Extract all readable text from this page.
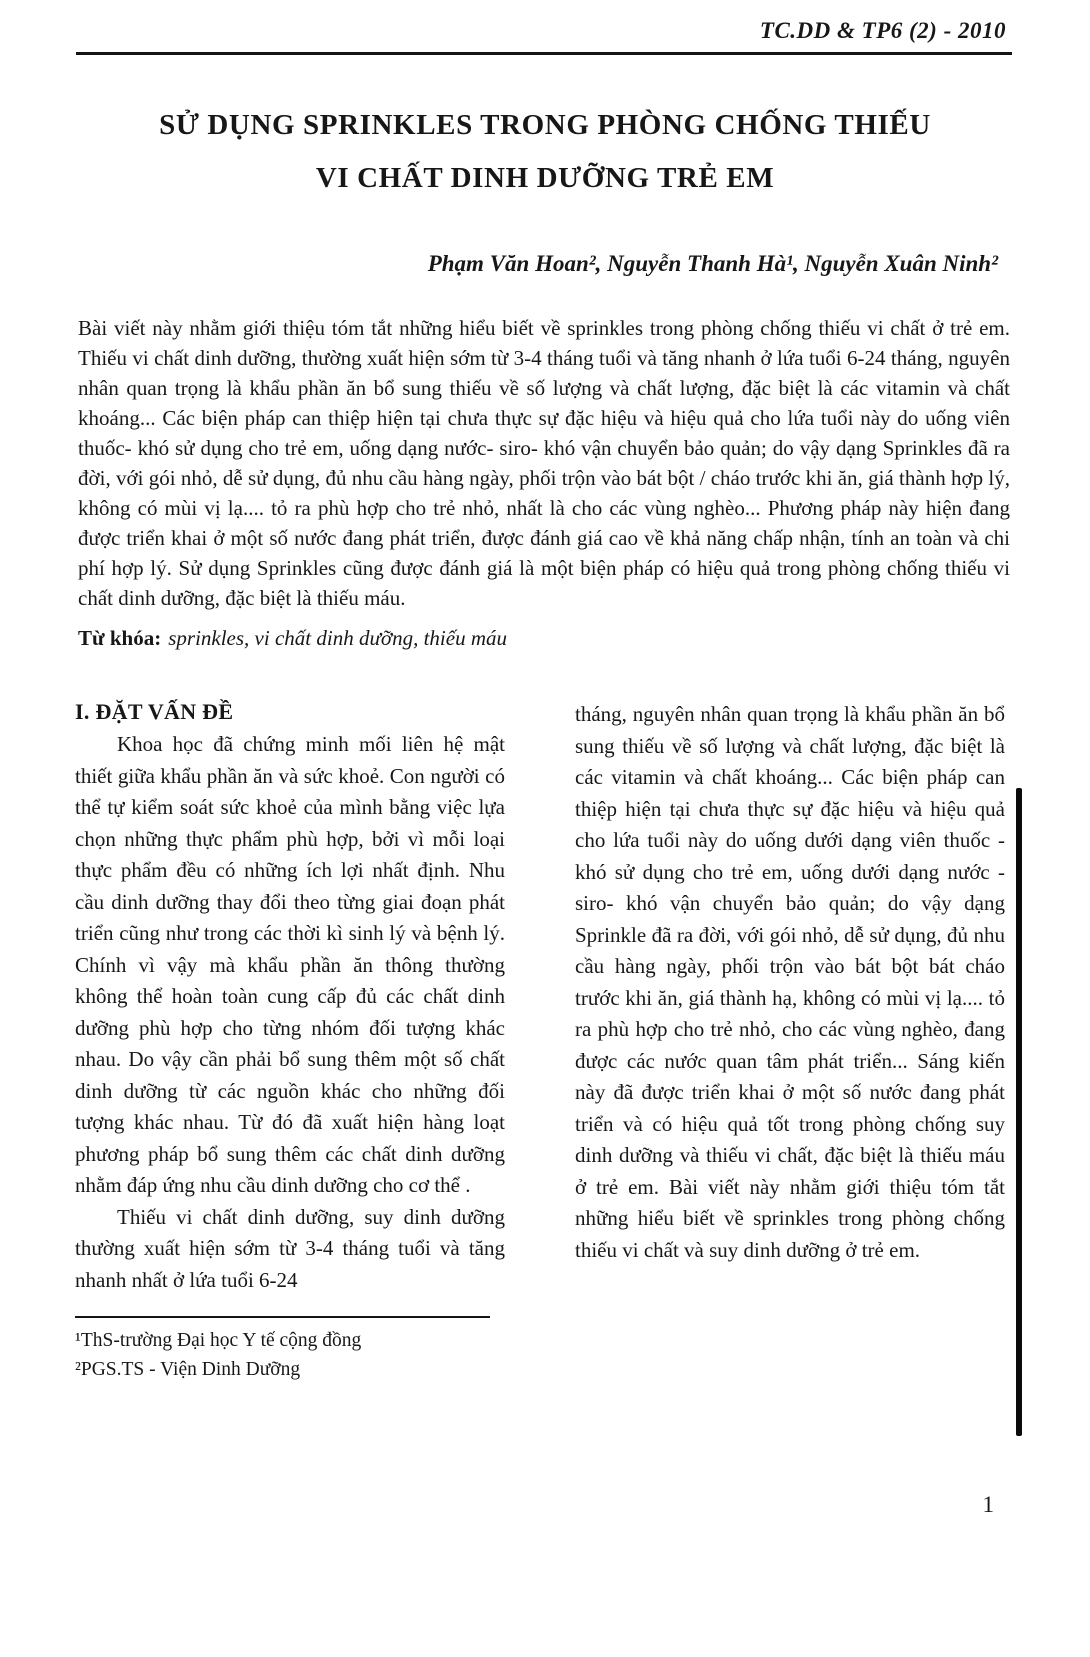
TC.DD & TP6 (2) - 2010
SỬ DỤNG SPRINKLES TRONG PHÒNG CHỐNG THIẾU
VI CHẤT DINH DƯỠNG TRẺ EM
Phạm Văn Hoan², Nguyễn Thanh Hà¹, Nguyễn Xuân Ninh²

Bài viết này nhằm giới thiệu tóm tắt những hiểu biết về sprinkles trong phòng chống thiếu vi chất ở trẻ em. Thiếu vi chất dinh dưỡng, thường xuất hiện sớm từ 3-4 tháng tuổi và tăng nhanh ở lứa tuổi 6-24 tháng, nguyên nhân quan trọng là khẩu phần ăn bổ sung thiếu về số lượng và chất lượng, đặc biệt là các vitamin và chất khoáng... Các biện pháp can thiệp hiện tại chưa thực sự đặc hiệu và hiệu quả cho lứa tuổi này do uống viên thuốc- khó sử dụng cho trẻ em, uống dạng nước- siro- khó vận chuyển bảo quản; do vậy dạng Sprinkles đã ra đời, với gói nhỏ, dễ sử dụng, đủ nhu cầu hàng ngày, phối trộn vào bát bột / cháo trước khi ăn, giá thành hợp lý, không có mùi vị lạ.... tỏ ra phù hợp cho trẻ nhỏ, nhất là cho các vùng nghèo... Phương pháp này hiện đang được triển khai ở một số nước đang phát triển, được đánh giá cao về khả năng chấp nhận, tính an toàn và chi phí hợp lý. Sử dụng Sprinkles cũng được đánh giá là một biện pháp có hiệu quả trong phòng chống thiếu vi chất dinh dưỡng, đặc biệt là thiếu máu.

Từ khóa: sprinkles, vi chất dinh dưỡng, thiếu máu

I. ĐẶT VẤN ĐỀ

Khoa học đã chứng minh mối liên hệ mật thiết giữa khẩu phần ăn và sức khoẻ. Con người có thể tự kiểm soát sức khoẻ của mình bằng việc lựa chọn những thực phẩm phù hợp, bởi vì mỗi loại thực phẩm đều có những ích lợi nhất định. Nhu cầu dinh dưỡng thay đổi theo từng giai đoạn phát triển cũng như trong các thời kì sinh lý và bệnh lý. Chính vì vậy mà khẩu phần ăn thông thường không thể hoàn toàn cung cấp đủ các chất dinh dưỡng phù hợp cho từng nhóm đối tượng khác nhau. Do vậy cần phải bổ sung thêm một số chất dinh dưỡng từ các nguồn khác cho những đối tượng khác nhau. Từ đó đã xuất hiện hàng loạt phương pháp bổ sung thêm các chất dinh dưỡng nhằm đáp ứng nhu cầu dinh dưỡng cho cơ thể .

Thiếu vi chất dinh dưỡng, suy dinh dưỡng thường xuất hiện sớm từ 3-4 tháng tuổi và tăng nhanh nhất ở lứa tuổi 6-24

tháng, nguyên nhân quan trọng là khẩu phần ăn bổ sung thiếu về số lượng và chất lượng, đặc biệt là các vitamin và chất khoáng... Các biện pháp can thiệp hiện tại chưa thực sự đặc hiệu và hiệu quả cho lứa tuổi này do uống dưới dạng viên thuốc - khó sử dụng cho trẻ em, uống dưới dạng nước - siro- khó vận chuyển bảo quản; do vậy dạng Sprinkle đã ra đời, với gói nhỏ, dễ sử dụng, đủ nhu cầu hàng ngày, phối trộn vào bát bột bát cháo trước khi ăn, giá thành hạ, không có mùi vị lạ.... tỏ ra phù hợp cho trẻ nhỏ, cho các vùng nghèo, đang được các nước quan tâm phát triển... Sáng kiến này đã được triển khai ở một số nước đang phát triển và có hiệu quả tốt trong phòng chống suy dinh dưỡng và thiếu vi chất, đặc biệt là thiếu máu ở trẻ em. Bài viết này nhằm giới thiệu tóm tắt những hiểu biết về sprinkles trong phòng chống thiếu vi chất và suy dinh dưỡng ở trẻ em.

¹ThS-trường Đại học Y tế cộng đồng
²PGS.TS - Viện Dinh Dưỡng
1
